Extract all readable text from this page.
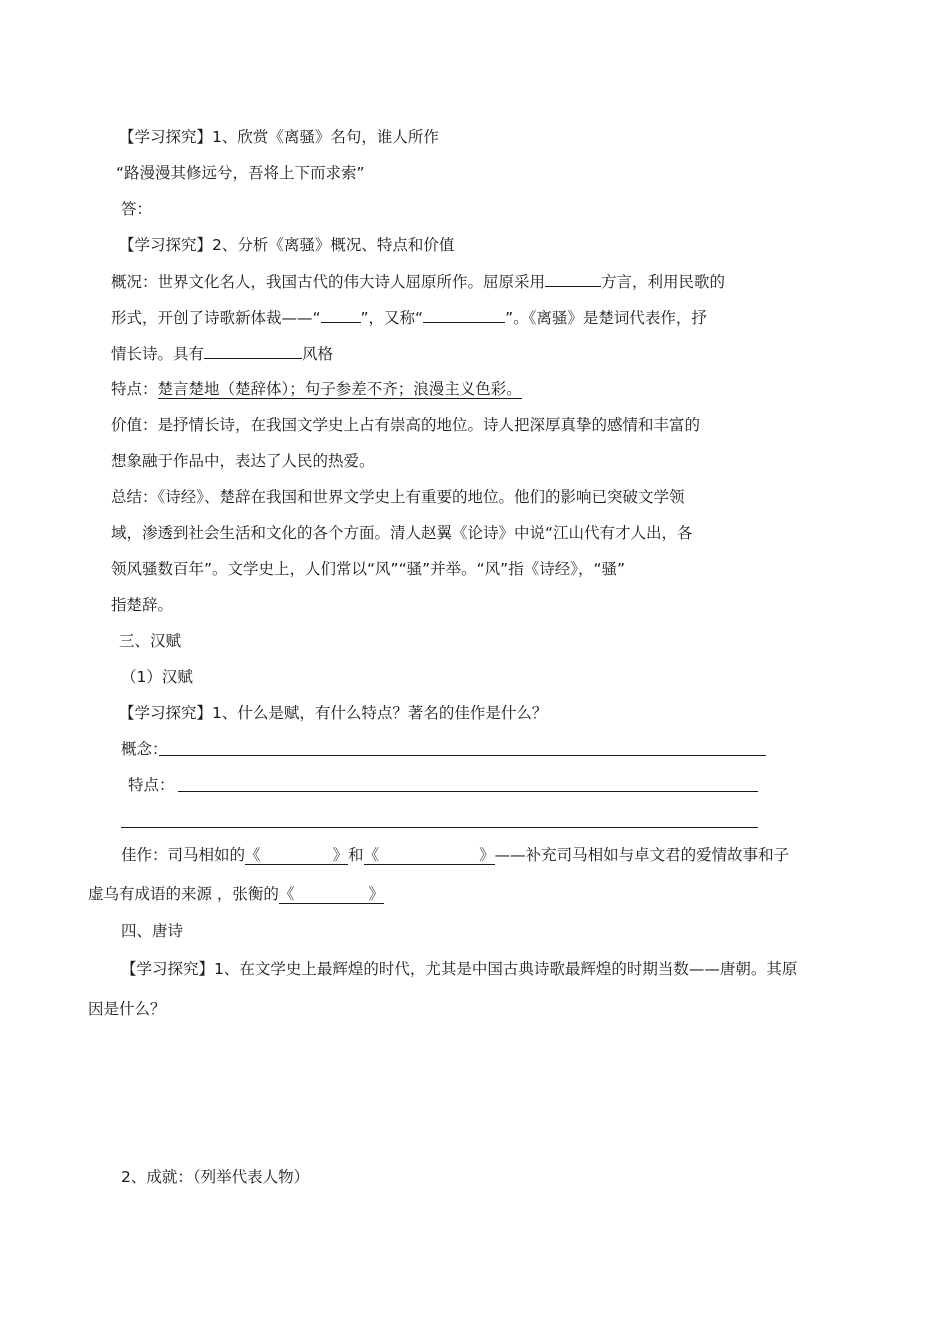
【学习探究】1、欣赏《离骚》名句，谁人所作
“路漫漫其修远兮，吾将上下而求索”
答：
【学习探究】2、分析《离骚》概况、特点和价值
概况：世界文化名人，我国古代的伟大诗人屈原所作。屈原采用	方言，利用民歌的
形式，开创了诗歌新体裁——“	”，又称“	”。《离骚》是楚词代表作，抒
情长诗。具有	风格
特点：楚言楚地（楚辞体）；句子参差不齐；浪漫主义色彩。
价值：是抒情长诗，在我国文学史上占有崇高的地位。诗人把深厚真挚的感情和丰富的
想象融于作品中，表达了人民的热爱。
总结：《诗经》、楚辞在我国和世界文学史上有重要的地位。他们的影响已突破文学领
域，渗透到社会生活和文化的各个方面。清人赵翼《论诗》中说“江山代有才人出，各
领风骚数百年”。文学史上，人们常以“风”“骚”并举。“风”指《诗经》，“骚”
指楚辞。
三、汉赋
（1）汉赋
【学习探究】1、什么是赋，有什么特点？著名的佳作是什么？
概念：
特点：
佳作：司马相如的《	》和《	》——补充司马相如与卓文君的爱情故事和子
虚乌有成语的来源 ，张衡的《	》
四、唐诗
【学习探究】1、在文学史上最辉煌的时代，尤其是中国古典诗歌最辉煌的时期当数——唐朝。其原
因是什么？
2、成就：（列举代表人物）
